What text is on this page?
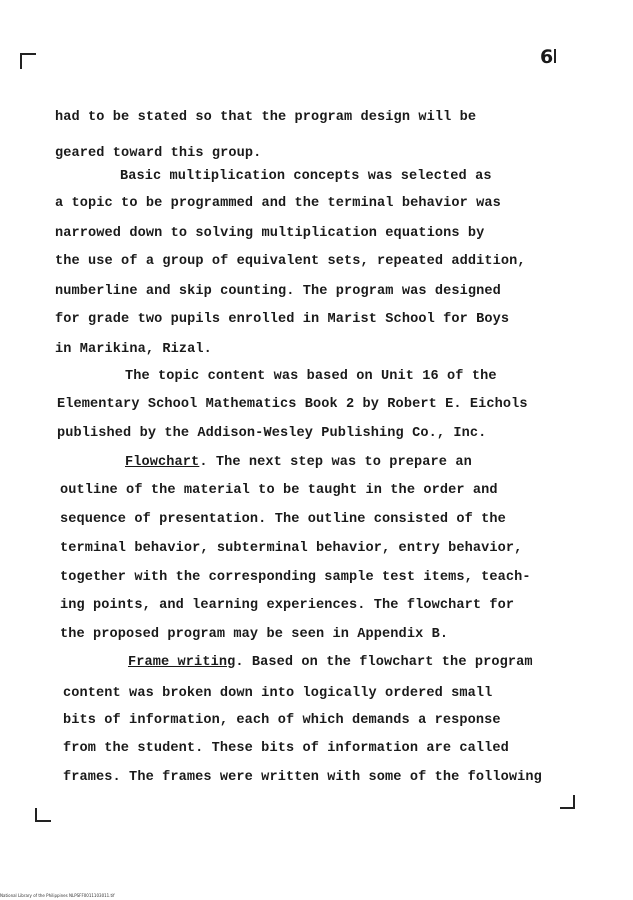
6
had to be stated so that the program design will be
geared toward this group.
Basic multiplication concepts was selected as
a topic to be programmed and the terminal behavior was
narrowed down to solving multiplication equations by
the use of a group of equivalent sets, repeated addition,
numberline and skip counting. The program was designed
for grade two pupils enrolled in Marist School for Boys
in Marikina, Rizal.
The topic content was based on Unit 16 of the
Elementary School Mathematics Book 2 by Robert E. Eichols
published by the Addison-Wesley Publishing Co., Inc.
Flowchart. The next step was to prepare an
outline of the material to be taught in the order and
sequence of presentation. The outline consisted of the
terminal behavior, subterminal behavior, entry behavior,
together with the corresponding sample test items, teach-
ing points, and learning experiences. The flowchart for
the proposed program may be seen in Appendix B.
Frame writing. Based on the flowchart the program
content was broken down into logically ordered small
bits of information, each of which demands a response
from the student. These bits of information are called
frames. The frames were written with some of the following
National Library of the Philippines NLPSFF0011103011.tif
